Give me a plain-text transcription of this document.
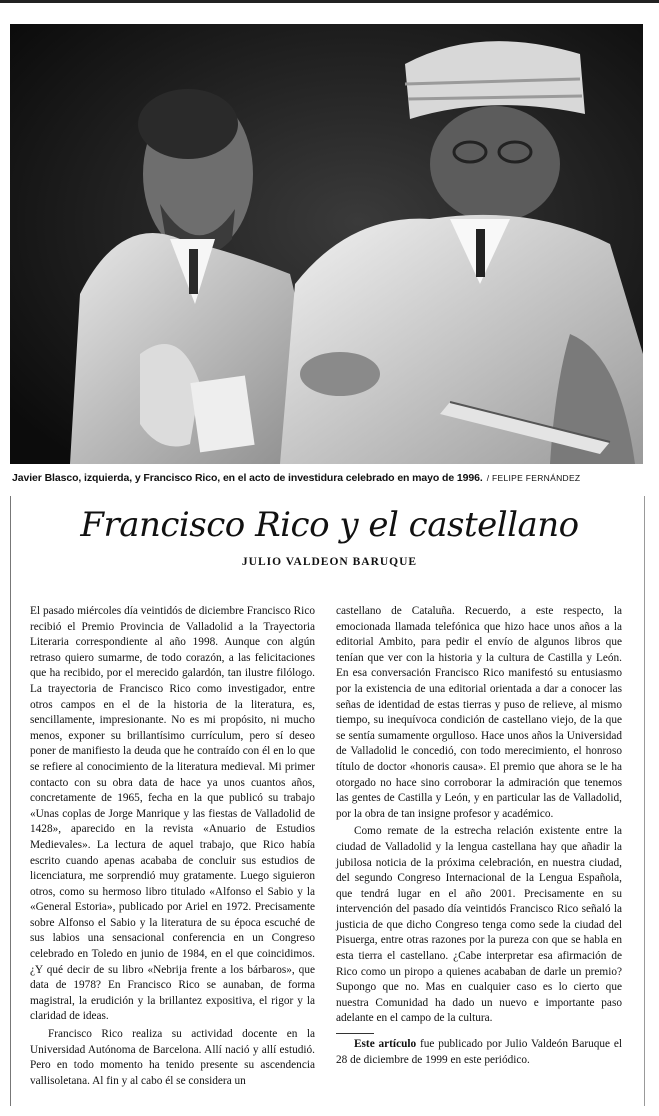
Javier Blasco, izquierda, y Francisco Rico, en el acto de investidura celebrado en mayo de 1996. / FELIPE FERNÁNDEZ
Francisco Rico y el castellano
JULIO VALDEON BARUQUE

El pasado miércoles día veintidós de diciembre Francisco Rico recibió el Premio Provincia de Valladolid a la Trayectoria Literaria correspondiente al año 1998. Aunque con algún retraso quiero sumarme, de todo corazón, a las felicitaciones que ha recibido, por el merecido galardón, tan ilustre filólogo. La trayectoria de Francisco Rico como investigador, entre otros campos en el de la historia de la literatura, es, sencillamente, impresionante. No es mi propósito, ni mucho menos, exponer su brillantísimo currículum, pero sí deseo poner de manifiesto la deuda que he contraído con él en lo que se refiere al conocimiento de la literatura medieval. Mi primer contacto con su obra data de hace ya unos cuantos años, concretamente de 1965, fecha en la que publicó su trabajo «Unas coplas de Jorge Manrique y las fiestas de Valladolid de 1428», aparecido en la revista «Anuario de Estudios Medievales». La lectura de aquel trabajo, que Rico había escrito cuando apenas acababa de concluir sus estudios de licenciatura, me sorprendió muy gratamente. Luego siguieron otros, como su hermoso libro titulado «Alfonso el Sabio y la «General Estoria», publicado por Ariel en 1972. Precisamente sobre Alfonso el Sabio y la literatura de su época escuché de sus labios una sensacional conferencia en un Congreso celebrado en Toledo en junio de 1984, en el que coincidimos. ¿Y qué decir de su libro «Nebrija frente a los bárbaros», que data de 1978? En Francisco Rico se aunaban, de forma magistral, la erudición y la brillantez expositiva, el rigor y la claridad de ideas.

Francisco Rico realiza su actividad docente en la Universidad Autónoma de Barcelona. Allí nació y allí estudió. Pero en todo momento ha tenido presente su ascendencia vallisoletana. Al fin y al cabo él se considera un

castellano de Cataluña. Recuerdo, a este respecto, la emocionada llamada telefónica que hizo hace unos años a la editorial Ambito, para pedir el envío de algunos libros que tenían que ver con la historia y la cultura de Castilla y León. En esa conversación Francisco Rico manifestó su entusiasmo por la existencia de una editorial orientada a dar a conocer las señas de identidad de estas tierras y puso de relieve, al mismo tiempo, su inequívoca condición de castellano viejo, de la que se sentía sumamente orgulloso. Hace unos años la Universidad de Valladolid le concedió, con todo merecimiento, el honroso título de doctor «honoris causa». El premio que ahora se le ha otorgado no hace sino corroborar la admiración que tenemos las gentes de Castilla y León, y en particular las de Valladolid, por la obra de tan insigne profesor y académico.

Como remate de la estrecha relación existente entre la ciudad de Valladolid y la lengua castellana hay que añadir la jubilosa noticia de la próxima celebración, en nuestra ciudad, del segundo Congreso Internacional de la Lengua Española, que tendrá lugar en el año 2001. Precisamente en su intervención del pasado día veintidós Francisco Rico señaló la justicia de que dicho Congreso tenga como sede la ciudad del Pisuerga, entre otras razones por la pureza con que se habla en esta tierra el castellano. ¿Cabe interpretar esa afirmación de Rico como un piropo a quienes acababan de darle un premio? Supongo que no. Mas en cualquier caso es lo cierto que nuestra Comunidad ha dado un nuevo e importante paso adelante en el campo de la cultura.

Este artículo fue publicado por Julio Valdeón Baruque el 28 de diciembre de 1999 en este periódico.
